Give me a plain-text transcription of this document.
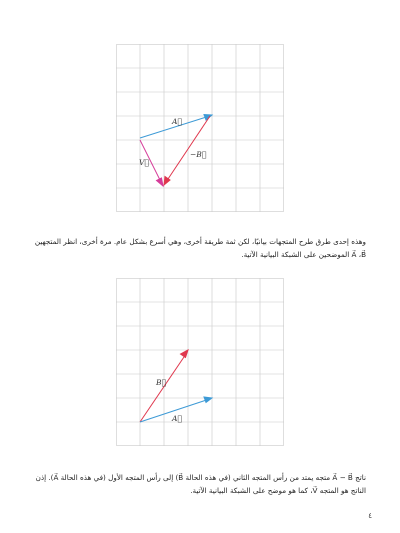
A⃗
−B⃗
V⃗
وهذه إحدى طرق طرح المتجهات بيانيًا، لكن ثمة طريقة أخرى، وهي أسرع بشكل عام. مرة أخرى، انظر المتجهين A⃗ ،B⃗ الموضحين على الشبكة البيانية الآتية.
B⃗
A⃗
ناتج A⃗ − B⃗ متجه يمتد من رأس المتجه الثاني (في هذه الحالة B⃗) إلى رأس المتجه الأول (في هذه الحالة A⃗). إذن الناتج هو المتجه V⃗، كما هو موضح على الشبكة البيانية الآتية.
٤
